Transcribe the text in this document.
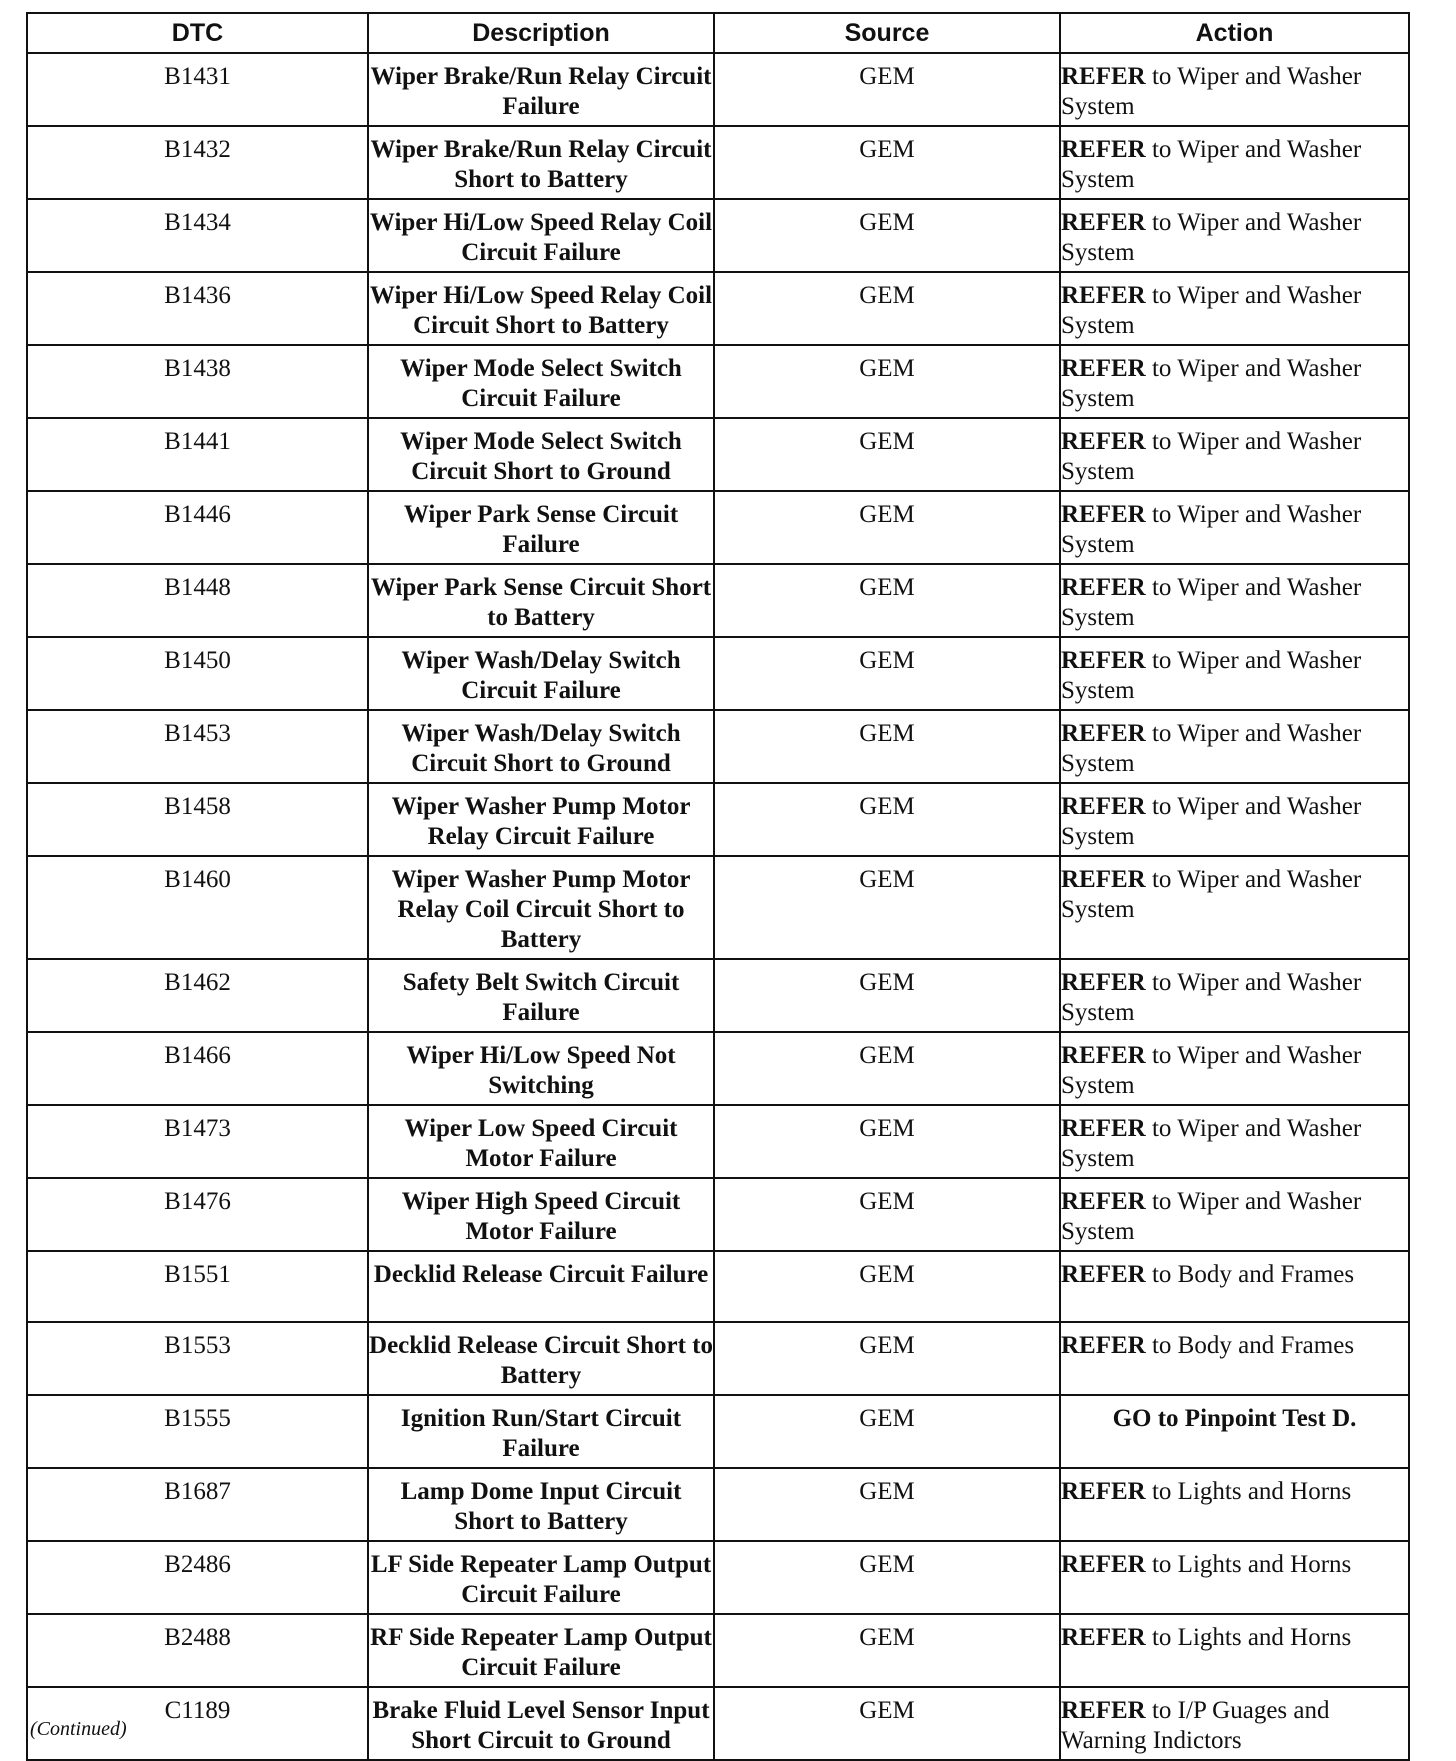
DTC	Description	Source	Action
B1431	Wiper Brake/Run Relay Circuit Failure	GEM	REFER to Wiper and Washer System
B1432	Wiper Brake/Run Relay Circuit Short to Battery	GEM	REFER to Wiper and Washer System
B1434	Wiper Hi/Low Speed Relay Coil Circuit Failure	GEM	REFER to Wiper and Washer System
B1436	Wiper Hi/Low Speed Relay Coil Circuit Short to Battery	GEM	REFER to Wiper and Washer System
B1438	Wiper Mode Select Switch Circuit Failure	GEM	REFER to Wiper and Washer System
B1441	Wiper Mode Select Switch Circuit Short to Ground	GEM	REFER to Wiper and Washer System
B1446	Wiper Park Sense Circuit Failure	GEM	REFER to Wiper and Washer System
B1448	Wiper Park Sense Circuit Short to Battery	GEM	REFER to Wiper and Washer System
B1450	Wiper Wash/Delay Switch Circuit Failure	GEM	REFER to Wiper and Washer System
B1453	Wiper Wash/Delay Switch Circuit Short to Ground	GEM	REFER to Wiper and Washer System
B1458	Wiper Washer Pump Motor Relay Circuit Failure	GEM	REFER to Wiper and Washer System
B1460	Wiper Washer Pump Motor Relay Coil Circuit Short to Battery	GEM	REFER to Wiper and Washer System
B1462	Safety Belt Switch Circuit Failure	GEM	REFER to Wiper and Washer System
B1466	Wiper Hi/Low Speed Not Switching	GEM	REFER to Wiper and Washer System
B1473	Wiper Low Speed Circuit Motor Failure	GEM	REFER to Wiper and Washer System
B1476	Wiper High Speed Circuit Motor Failure	GEM	REFER to Wiper and Washer System
B1551	Decklid Release Circuit Failure	GEM	REFER to Body and Frames
B1553	Decklid Release Circuit Short to Battery	GEM	REFER to Body and Frames
B1555	Ignition Run/Start Circuit Failure	GEM	GO to Pinpoint Test D.
B1687	Lamp Dome Input Circuit Short to Battery	GEM	REFER to Lights and Horns
B2486	LF Side Repeater Lamp Output Circuit Failure	GEM	REFER to Lights and Horns
B2488	RF Side Repeater Lamp Output Circuit Failure	GEM	REFER to Lights and Horns
C1189	Brake Fluid Level Sensor Input Short Circuit to Ground	GEM	REFER to I/P Guages and Warning Indictors
(Continued)
